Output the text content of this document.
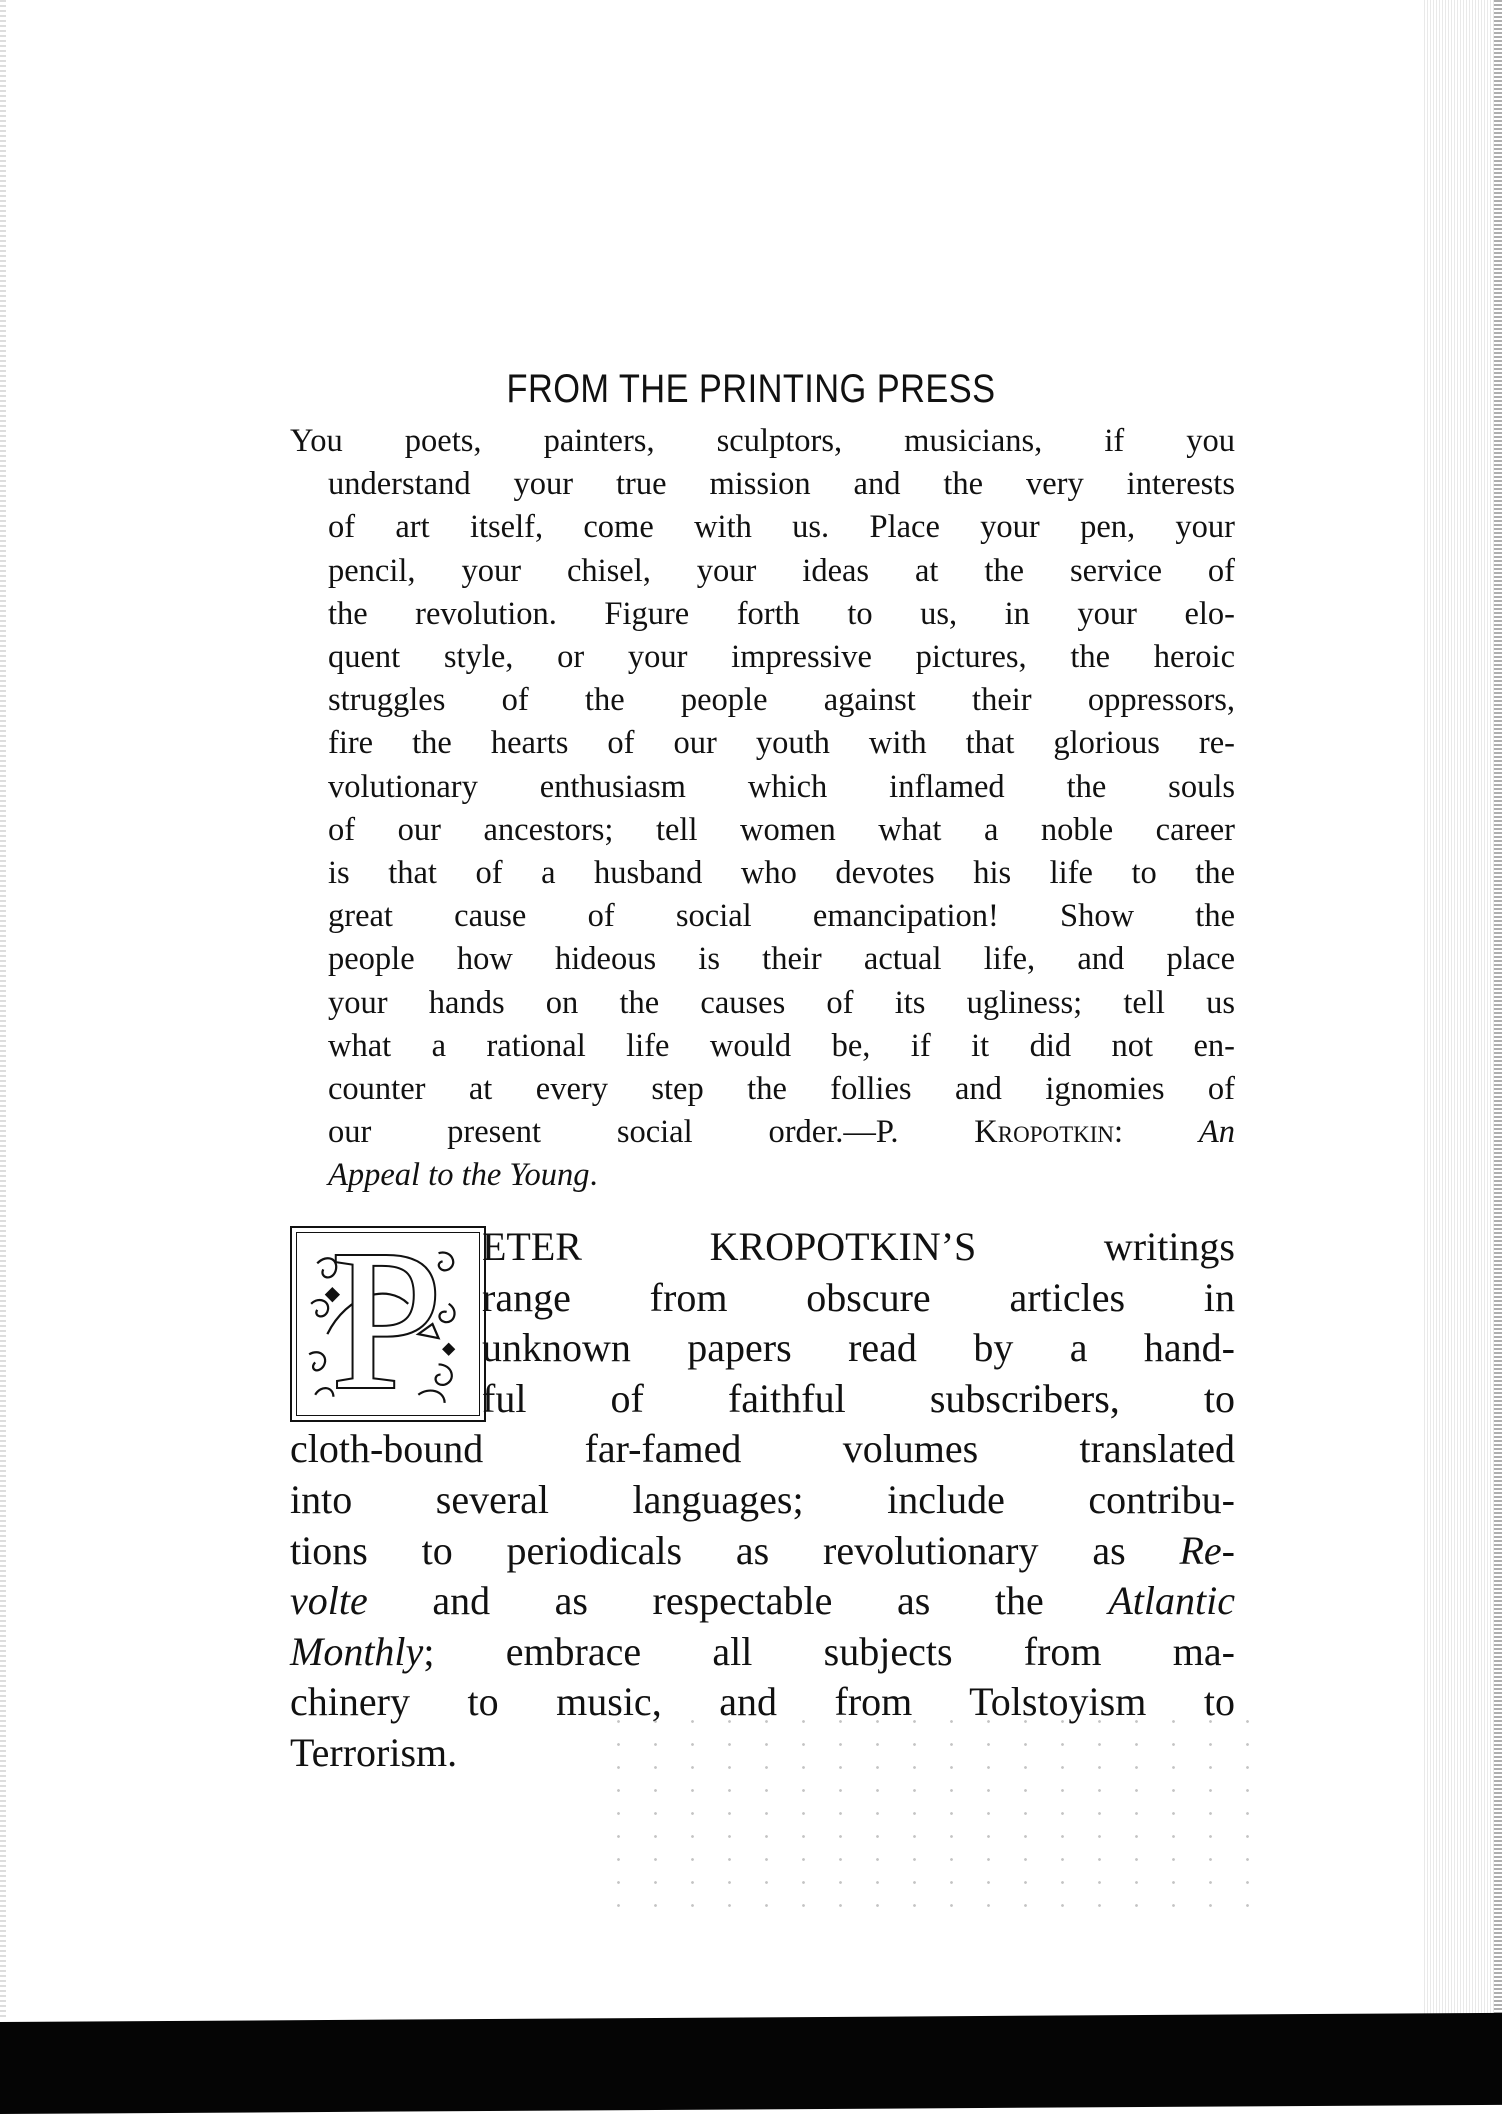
FROM THE PRINTING PRESS
You poets, painters, sculptors, musicians, if you
understand your true mission and the very interests
of art itself, come with us. Place your pen, your
pencil, your chisel, your ideas at the service of
the revolution. Figure forth to us, in your elo-
quent style, or your impressive pictures, the heroic
struggles of the people against their oppressors,
fire the hearts of our youth with that glorious re-
volutionary enthusiasm which inflamed the souls
of our ancestors; tell women what a noble career
is that of a husband who devotes his life to the
great cause of social emancipation! Show the
people how hideous is their actual life, and place
your hands on the causes of its ugliness; tell us
what a rational life would be, if it did not en-
counter at every step the follies and ignomies of
our present social order.—P. Kropotkin: An
Appeal to the Young.
P ETER KROPOTKIN’S writings
range from obscure articles in
unknown papers read by a hand-
ful of faithful subscribers, to
cloth-bound far-famed volumes translated
into several languages; include contribu-
tions to periodicals as revolutionary as Re-
volte and as respectable as the Atlantic
Monthly; embrace all subjects from ma-
chinery to music, and from Tolstoyism to
Terrorism.
